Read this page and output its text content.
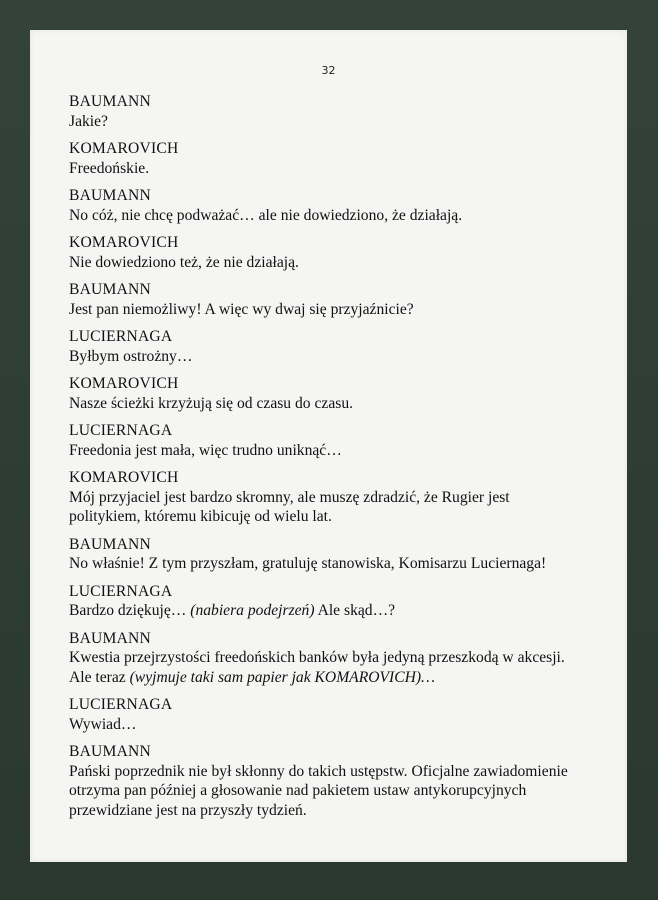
32
BAUMANN
Jakie?
KOMAROVICH
Freedońskie.
BAUMANN
No cóż, nie chcę podważać… ale nie dowiedziono, że działają.
KOMAROVICH
Nie dowiedziono też, że nie działają.
BAUMANN
Jest pan niemożliwy! A więc wy dwaj się przyjaźnicie?
LUCIERNAGA
Byłbym ostrożny…
KOMAROVICH
Nasze ścieżki krzyżują się od czasu do czasu.
LUCIERNAGA
Freedonia jest mała, więc trudno uniknąć…
KOMAROVICH
Mój przyjaciel jest bardzo skromny, ale muszę zdradzić, że Rugier jest
politykiem, któremu kibicuję od wielu lat.
BAUMANN
No właśnie! Z tym przyszłam, gratuluję stanowiska, Komisarzu Luciernaga!
LUCIERNAGA
Bardzo dziękuję… (nabiera podejrzeń) Ale skąd…?
BAUMANN
Kwestia przejrzystości freedońskich banków była jedyną przeszkodą w akcesji.
Ale teraz (wyjmuje taki sam papier jak KOMAROVICH)…
LUCIERNAGA
Wywiad…
BAUMANN
Pański poprzednik nie był skłonny do takich ustępstw. Oficjalne zawiadomienie
otrzyma pan później a głosowanie nad pakietem ustaw antykorupcyjnych
przewidziane jest na przyszły tydzień.
